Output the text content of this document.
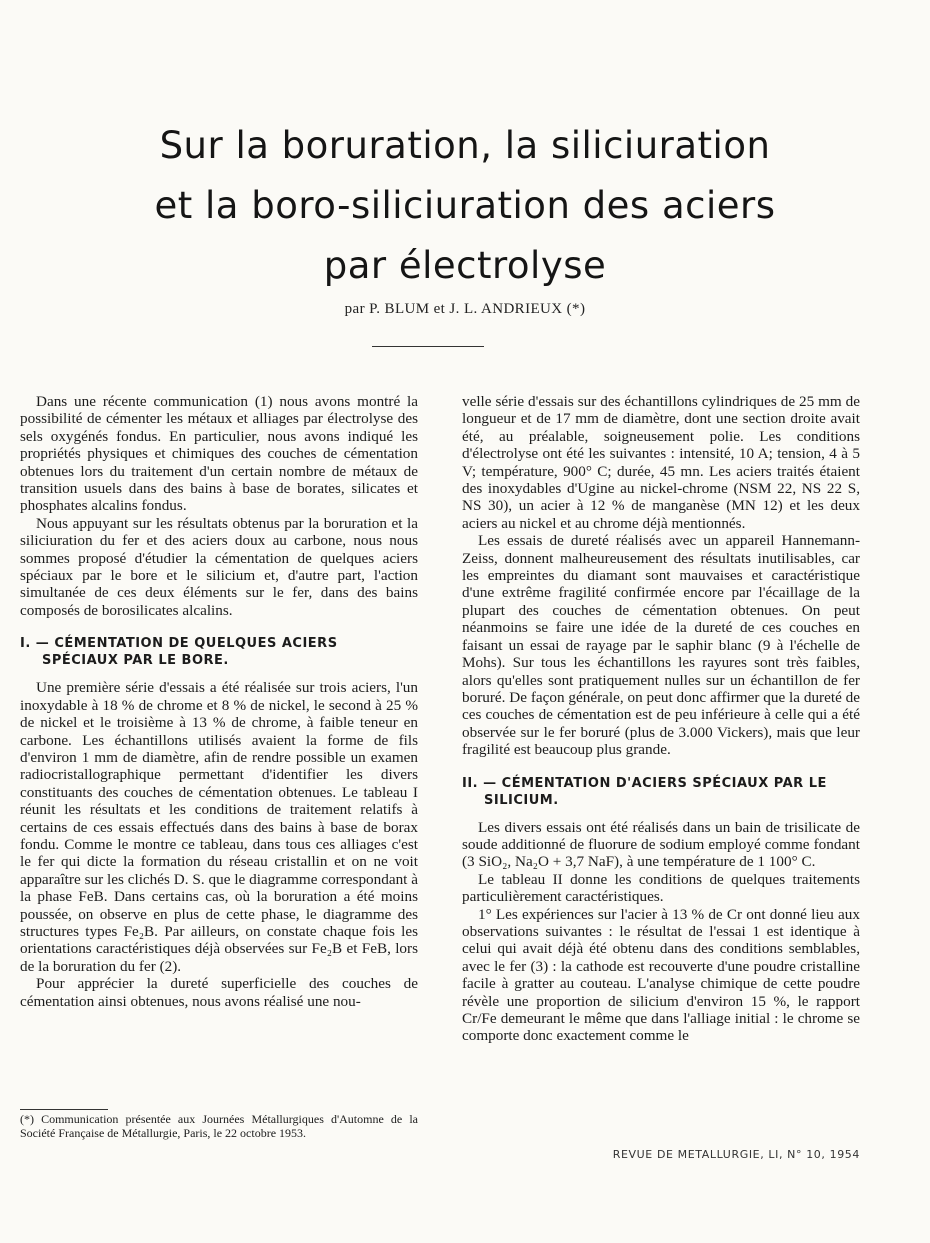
Sur la boruration, la siliciuration
et la boro-siliciuration des aciers
par électrolyse
par P. BLUM et J. L. ANDRIEUX (*)

Dans une récente communication (1) nous avons montré la possibilité de cémenter les métaux et alliages par électrolyse des sels oxygénés fondus. En particulier, nous avons indiqué les propriétés physiques et chimiques des couches de cémentation obtenues lors du traitement d'un certain nombre de métaux de transition usuels dans des bains à base de borates, silicates et phosphates alcalins fondus.

Nous appuyant sur les résultats obtenus par la boruration et la siliciuration du fer et des aciers doux au carbone, nous nous sommes proposé d'étudier la cémentation de quelques aciers spéciaux par le bore et le silicium et, d'autre part, l'action simultanée de ces deux éléments sur le fer, dans des bains composés de borosilicates alcalins.

I. — CÉMENTATION DE QUELQUES ACIERS SPÉCIAUX PAR LE BORE.

Une première série d'essais a été réalisée sur trois aciers, l'un inoxydable à 18 % de chrome et 8 % de nickel, le second à 25 % de nickel et le troisième à 13 % de chrome, à faible teneur en carbone. Les échantillons utilisés avaient la forme de fils d'environ 1 mm de diamètre, afin de rendre possible un examen radiocristallographique permettant d'identifier les divers constituants des couches de cémentation obtenues. Le tableau I réunit les résultats et les conditions de traitement relatifs à certains de ces essais effectués dans des bains à base de borax fondu. Comme le montre ce tableau, dans tous ces alliages c'est le fer qui dicte la formation du réseau cristallin et on ne voit apparaître sur les clichés D. S. que le diagramme correspondant à la phase FeB. Dans certains cas, où la boruration a été moins poussée, on observe en plus de cette phase, le diagramme des structures types Fe₂B. Par ailleurs, on constate chaque fois les orientations caractéristiques déjà observées sur Fe₂B et FeB, lors de la boruration du fer (2).

Pour apprécier la dureté superficielle des couches de cémentation ainsi obtenues, nous avons réalisé une nou-

(*) Communication présentée aux Journées Métallurgiques d'Automne de la Société Française de Métallurgie, Paris, le 22 octobre 1953.

velle série d'essais sur des échantillons cylindriques de 25 mm de longueur et de 17 mm de diamètre, dont une section droite avait été, au préalable, soigneusement polie. Les conditions d'électrolyse ont été les suivantes : intensité, 10 A; tension, 4 à 5 V; température, 900° C; durée, 45 mn. Les aciers traités étaient des inoxydables d'Ugine au nickel-chrome (NSM 22, NS 22 S, NS 30), un acier à 12 % de manganèse (MN 12) et les deux aciers au nickel et au chrome déjà mentionnés.

Les essais de dureté réalisés avec un appareil Hannemann-Zeiss, donnent malheureusement des résultats inutilisables, car les empreintes du diamant sont mauvaises et caractéristique d'une extrême fragilité confirmée encore par l'écaillage de la plupart des couches de cémentation obtenues. On peut néanmoins se faire une idée de la dureté de ces couches en faisant un essai de rayage par le saphir blanc (9 à l'échelle de Mohs). Sur tous les échantillons les rayures sont très faibles, alors qu'elles sont pratiquement nulles sur un échantillon de fer boruré. De façon générale, on peut donc affirmer que la dureté de ces couches de cémentation est de peu inférieure à celle qui a été observée sur le fer boruré (plus de 3.000 Vickers), mais que leur fragilité est beaucoup plus grande.

II. — CÉMENTATION D'ACIERS SPÉCIAUX PAR LE SILICIUM.

Les divers essais ont été réalisés dans un bain de trisilicate de soude additionné de fluorure de sodium employé comme fondant (3 SiO₂, Na₂O + 3,7 NaF), à une température de 1 100° C.

Le tableau II donne les conditions de quelques traitements particulièrement caractéristiques.

1° Les expériences sur l'acier à 13 % de Cr ont donné lieu aux observations suivantes : le résultat de l'essai 1 est identique à celui qui avait déjà été obtenu dans des conditions semblables, avec le fer (3) : la cathode est recouverte d'une poudre cristalline facile à gratter au couteau. L'analyse chimique de cette poudre révèle une proportion de silicium d'environ 15 %, le rapport Cr/Fe demeurant le même que dans l'alliage initial : le chrome se comporte donc exactement comme le

REVUE DE METALLURGIE, LI, N° 10, 1954
